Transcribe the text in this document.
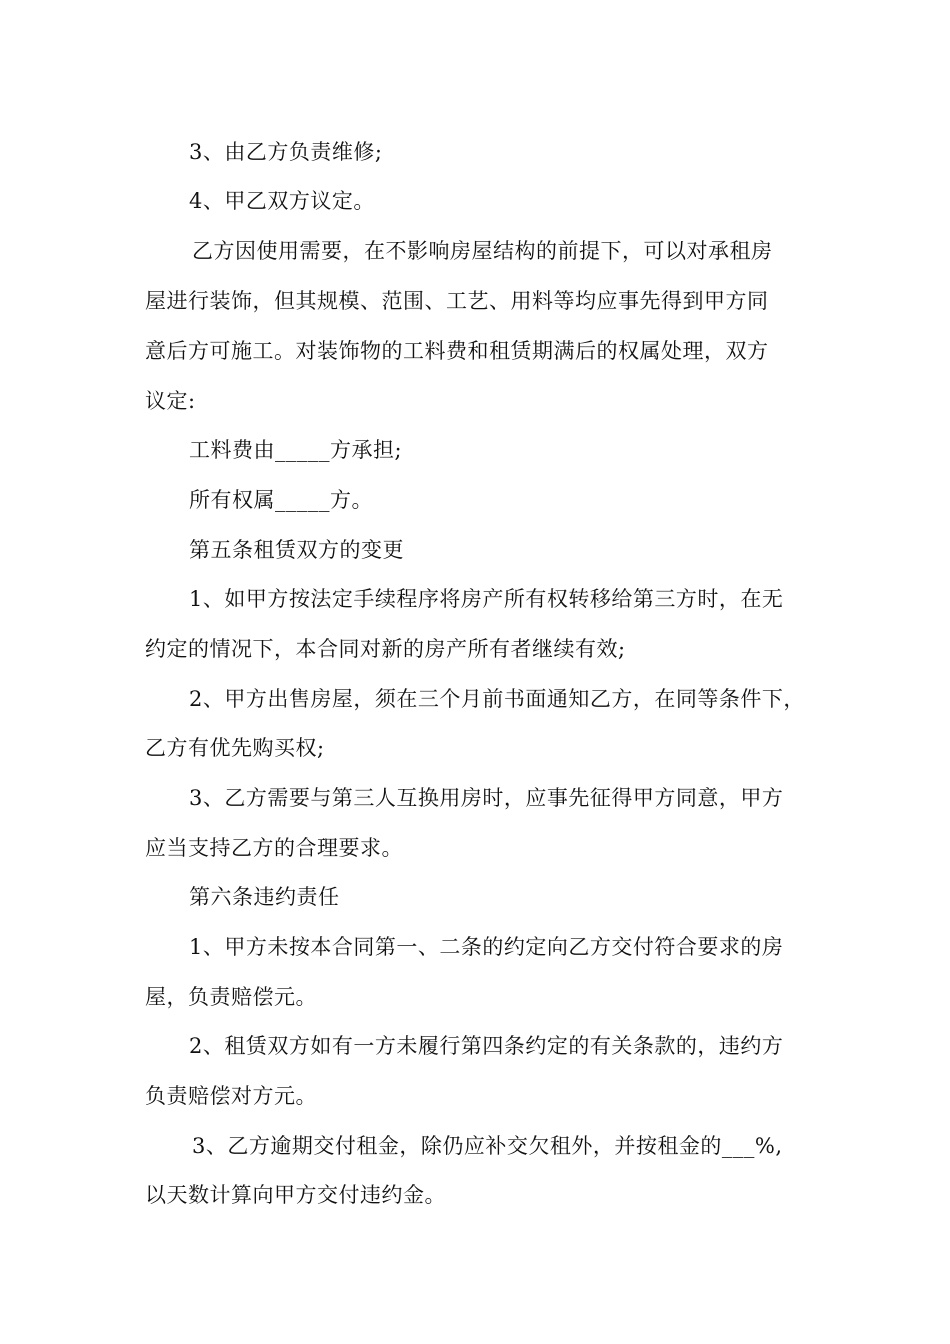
3、由乙方负责维修;
4、甲乙双方议定。
乙方因使用需要，在不影响房屋结构的前提下，可以对承租房
屋进行装饰，但其规模、范围、工艺、用料等均应事先得到甲方同
意后方可施工。对装饰物的工料费和租赁期满后的权属处理，双方
议定:
工料费由_____方承担;
所有权属_____方。
第五条租赁双方的变更
1、如甲方按法定手续程序将房产所有权转移给第三方时，在无
约定的情况下，本合同对新的房产所有者继续有效;
2、甲方出售房屋，须在三个月前书面通知乙方，在同等条件下，
乙方有优先购买权;
3、乙方需要与第三人互换用房时，应事先征得甲方同意，甲方
应当支持乙方的合理要求。
第六条违约责任
1、甲方未按本合同第一、二条的约定向乙方交付符合要求的房
屋，负责赔偿元。
2、租赁双方如有一方未履行第四条约定的有关条款的，违约方
负责赔偿对方元。
3、乙方逾期交付租金，除仍应补交欠租外，并按租金的___%,
以天数计算向甲方交付违约金。
